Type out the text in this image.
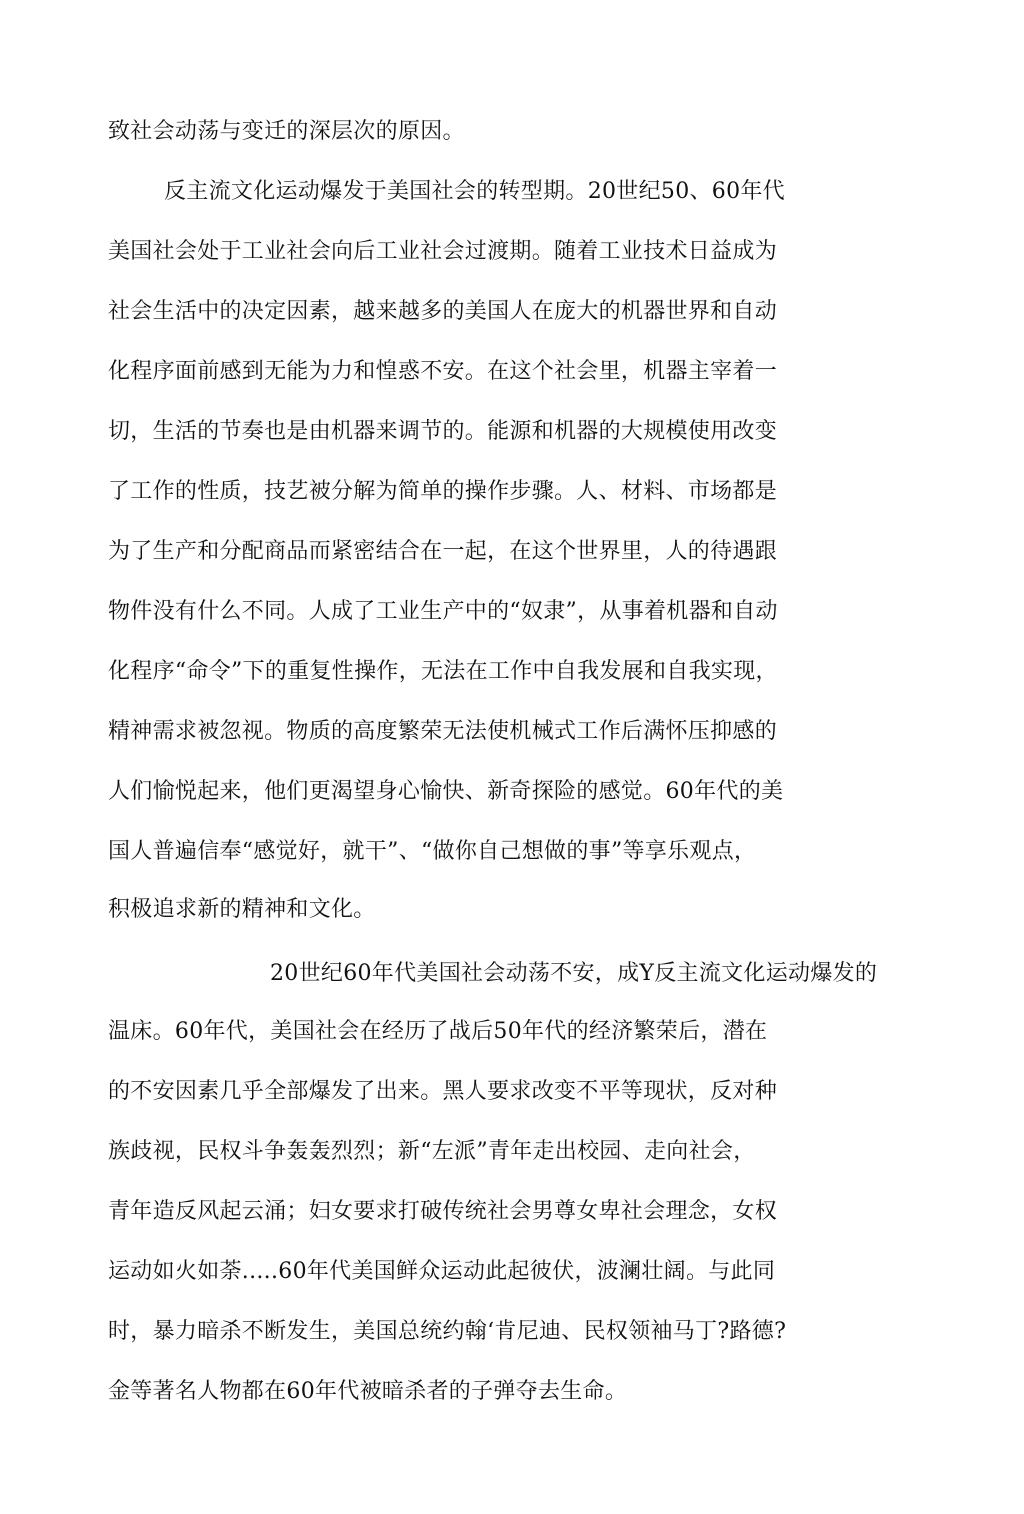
致社会动荡与变迁的深层次的原因。
反主流文化运动爆发于美国社会的转型期。20世纪50、60年代
美国社会处于工业社会向后工业社会过渡期。随着工业技术日益成为
社会生活中的决定因素，越来越多的美国人在庞大的机器世界和自动
化程序面前感到无能为力和惶惑不安。在这个社会里，机器主宰着一
切，生活的节奏也是由机器来调节的。能源和机器的大规模使用改变
了工作的性质，技艺被分解为简单的操作步骤。人、材料、市场都是
为了生产和分配商品而紧密结合在一起，在这个世界里，人的待遇跟
物件没有什么不同。人成了工业生产中的“奴隶”，从事着机器和自动
化程序“命令”下的重复性操作，无法在工作中自我发展和自我实现，
精神需求被忽视。物质的高度繁荣无法使机械式工作后满怀压抑感的
人们愉悦起来，他们更渴望身心愉快、新奇探险的感觉。60年代的美
国人普遍信奉“感觉好，就干”、“做你自己想做的事”等享乐观点，
积极追求新的精神和文化。
20世纪60年代美国社会动荡不安，成Y反主流文化运动爆发的
温床。60年代，美国社会在经历了战后50年代的经济繁荣后，潜在
的不安因素几乎全部爆发了出来。黑人要求改变不平等现状，反对种
族歧视，民权斗争轰轰烈烈；新“左派”青年走出校园、走向社会，
青年造反风起云涌；妇女要求打破传统社会男尊女卑社会理念，女权
运动如火如荼.....60年代美国鲜众运动此起彼伏，波澜壮阔。与此同
时，暴力暗杀不断发生，美国总统约翰‘肯尼迪、民权领袖马丁?路德?
金等著名人物都在60年代被暗杀者的子弹夺去生命。
